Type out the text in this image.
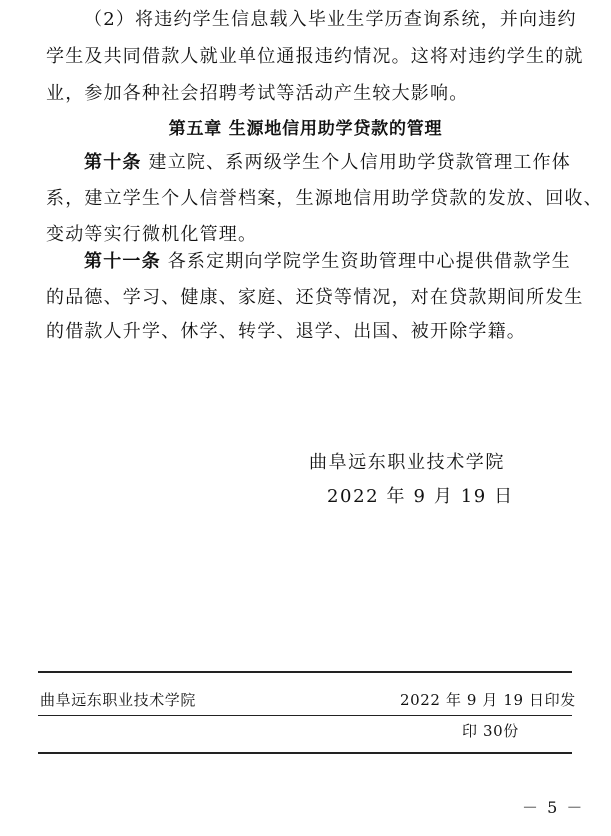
（2）将违约学生信息载入毕业生学历查询系统，并向违约
学生及共同借款人就业单位通报违约情况。这将对违约学生的就
业，参加各种社会招聘考试等活动产生较大影响。
第五章 生源地信用助学贷款的管理
第十条 建立院、系两级学生个人信用助学贷款管理工作体
系，建立学生个人信誉档案，生源地信用助学贷款的发放、回收、
变动等实行微机化管理。
第十一条 各系定期向学院学生资助管理中心提供借款学生
的品德、学习、健康、家庭、还贷等情况，对在贷款期间所发生
的借款人升学、休学、转学、退学、出国、被开除学籍。
曲阜远东职业技术学院
2022 年 9 月 19 日
曲阜远东职业技术学院	2022 年 9 月 19 日印发
印 30份
－ 5 －
